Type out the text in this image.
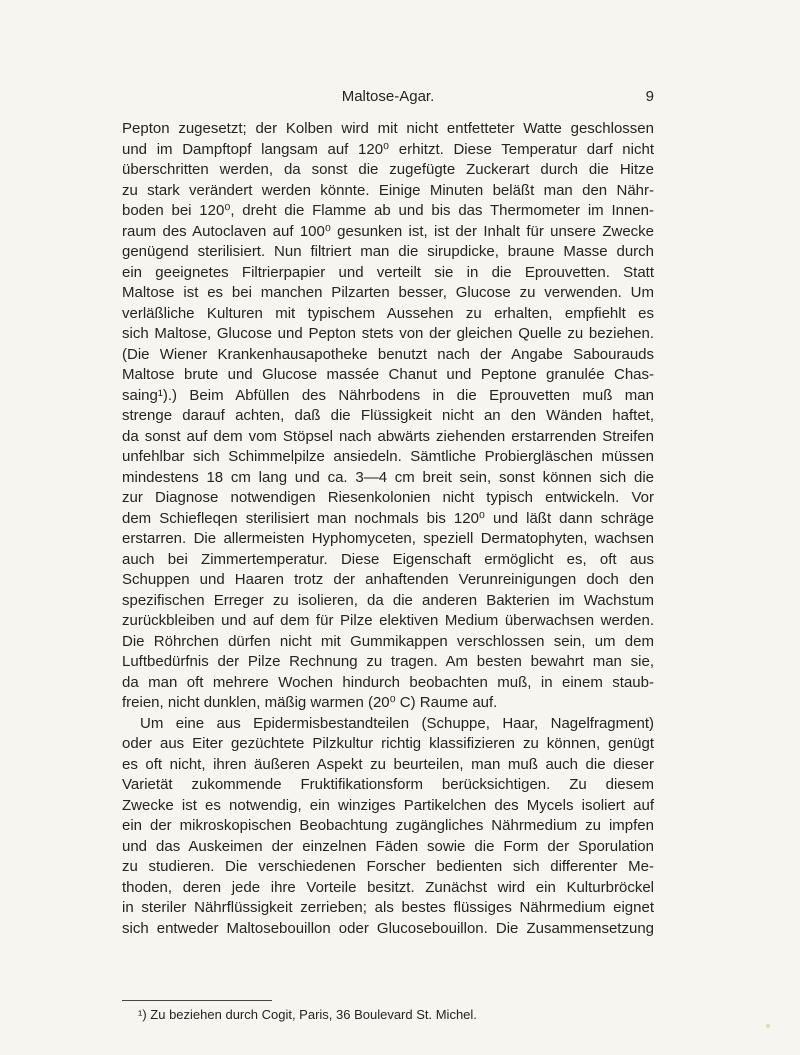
Maltose-Agar.	9
Pepton zugesetzt; der Kolben wird mit nicht entfetteter Watte geschlossen
und im Dampftopf langsam auf 120⁰ erhitzt. Diese Temperatur darf nicht
überschritten werden, da sonst die zugefügte Zuckerart durch die Hitze
zu stark verändert werden könnte. Einige Minuten beläßt man den Nähr-
boden bei 120⁰, dreht die Flamme ab und bis das Thermometer im Innen-
raum des Autoclaven auf 100⁰ gesunken ist, ist der Inhalt für unsere Zwecke
genügend sterilisiert. Nun filtriert man die sirupdicke, braune Masse durch
ein geeignetes Filtrierpapier und verteilt sie in die Eprouvetten. Statt
Maltose ist es bei manchen Pilzarten besser, Glucose zu verwenden. Um
verläßliche Kulturen mit typischem Aussehen zu erhalten, empfiehlt es
sich Maltose, Glucose und Pepton stets von der gleichen Quelle zu beziehen.
(Die Wiener Krankenhausapotheke benutzt nach der Angabe Sabourauds
Maltose brute und Glucose massée Chanut und Peptone granulée Chas-
saing¹).) Beim Abfüllen des Nährbodens in die Eprouvetten muß man
strenge darauf achten, daß die Flüssigkeit nicht an den Wänden haftet,
da sonst auf dem vom Stöpsel nach abwärts ziehenden erstarrenden Streifen
unfehlbar sich Schimmelpilze ansiedeln. Sämtliche Probiergläschen müssen
mindestens 18 cm lang und ca. 3—4 cm breit sein, sonst können sich die
zur Diagnose notwendigen Riesenkolonien nicht typisch entwickeln. Vor
dem Schiefleqen sterilisiert man nochmals bis 120⁰ und läßt dann schräge
erstarren. Die allermeisten Hyphomyceten, speziell Dermatophyten, wachsen
auch bei Zimmertemperatur. Diese Eigenschaft ermöglicht es, oft aus
Schuppen und Haaren trotz der anhaftenden Verunreinigungen doch den
spezifischen Erreger zu isolieren, da die anderen Bakterien im Wachstum
zurückbleiben und auf dem für Pilze elektiven Medium überwachsen werden.
Die Röhrchen dürfen nicht mit Gummikappen verschlossen sein, um dem
Luftbedürfnis der Pilze Rechnung zu tragen. Am besten bewahrt man sie,
da man oft mehrere Wochen hindurch beobachten muß, in einem staub-
freien, nicht dunklen, mäßig warmen (20⁰ C) Raume auf.
Um eine aus Epidermisbestandteilen (Schuppe, Haar, Nagelfragment)
oder aus Eiter gezüchtete Pilzkultur richtig klassifizieren zu können, genügt
es oft nicht, ihren äußeren Aspekt zu beurteilen, man muß auch die dieser
Varietät zukommende Fruktifikationsform berücksichtigen. Zu diesem
Zwecke ist es notwendig, ein winziges Partikelchen des Mycels isoliert auf
ein der mikroskopischen Beobachtung zugängliches Nährmedium zu impfen
und das Auskeimen der einzelnen Fäden sowie die Form der Sporulation
zu studieren. Die verschiedenen Forscher bedienten sich differenter Me-
thoden, deren jede ihre Vorteile besitzt. Zunächst wird ein Kulturbröckel
in steriler Nährflüssigkeit zerrieben; als bestes flüssiges Nährmedium eignet
sich entweder Maltosebouillon oder Glucosebouillon. Die Zusammensetzung
¹) Zu beziehen durch Cogit, Paris, 36 Boulevard St. Michel.
